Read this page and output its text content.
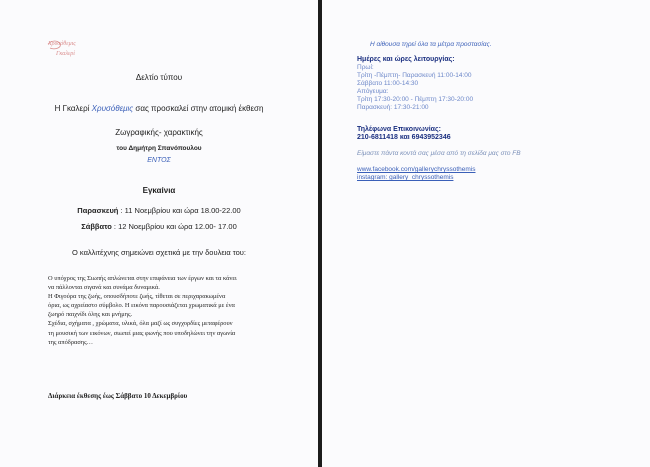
Χρυσόθεμις
Γκαλερί
Δελτίο τύπου
Η Γκαλερί Χρυσόθεμις σας προσκαλεί στην ατομική έκθεση
Ζωγραφικής- χαρακτικής
του Δημήτρη Σπανόπουλου
ΕΝΤΟΣ
Εγκαίνια
Παρασκευή : 11 Νοεμβρίου και ώρα 18.00-22.00
Σάββατο : 12 Νοεμβρίου και ώρα 12.00- 17.00
Ο καλλιτέχνης σημειώνει σχετικά με την δουλεια του:
Ο υπόχρος της Σιωπής απλώνεται στην επιφάνεια των έργων και τα κάνει
να πάλλονται σιγανά και συνάμα δυναμικά.
Η Φιγούρα της ζωής, οπουσδήποτε ζωής, τίθεται σε περιχαρακωμένα
όρια, ως αχρείαστο σύμβολο. Η εικόνα παρουσιάζεται χρωματικά με ένα
ζωηρό παιχνίδι όλης και μνήμης.
Σχέδια, σχήματα , χρώματα, υλικά, όλα μαζί ως συγχορδίες μεταφέρουν
τη μουσική των εικόνων, σιωπεί μιας φωνής που υποδηλώνει την αγωνία
της απόδρασης…
Διάρκεια έκθεσης έως Σάββατο 10 Δεκεμβρίου
Η αίθουσα τηρεί όλα τα μέτρα προστασίας.
Ημέρες και ώρες λειτουργίας:
Πρωί:
Τρίτη -Πέμπτη- Παρασκευή 11:00-14:00
Σάββατο 11:00-14:30
Απόγευμα:
Τρίτη 17:30-20:00 - Πέμπτη 17:30-20:00
Παρασκευή: 17:30-21:00
Τηλέφωνα Επικοινωνίας:
210-6811418 και 6943952346
Είμαστε πάντα κοντά σας μέσα από τη σελίδα μας στο FB
www.facebook.com/gallerychryssothemis
instagram: gallery_chryssothemis
